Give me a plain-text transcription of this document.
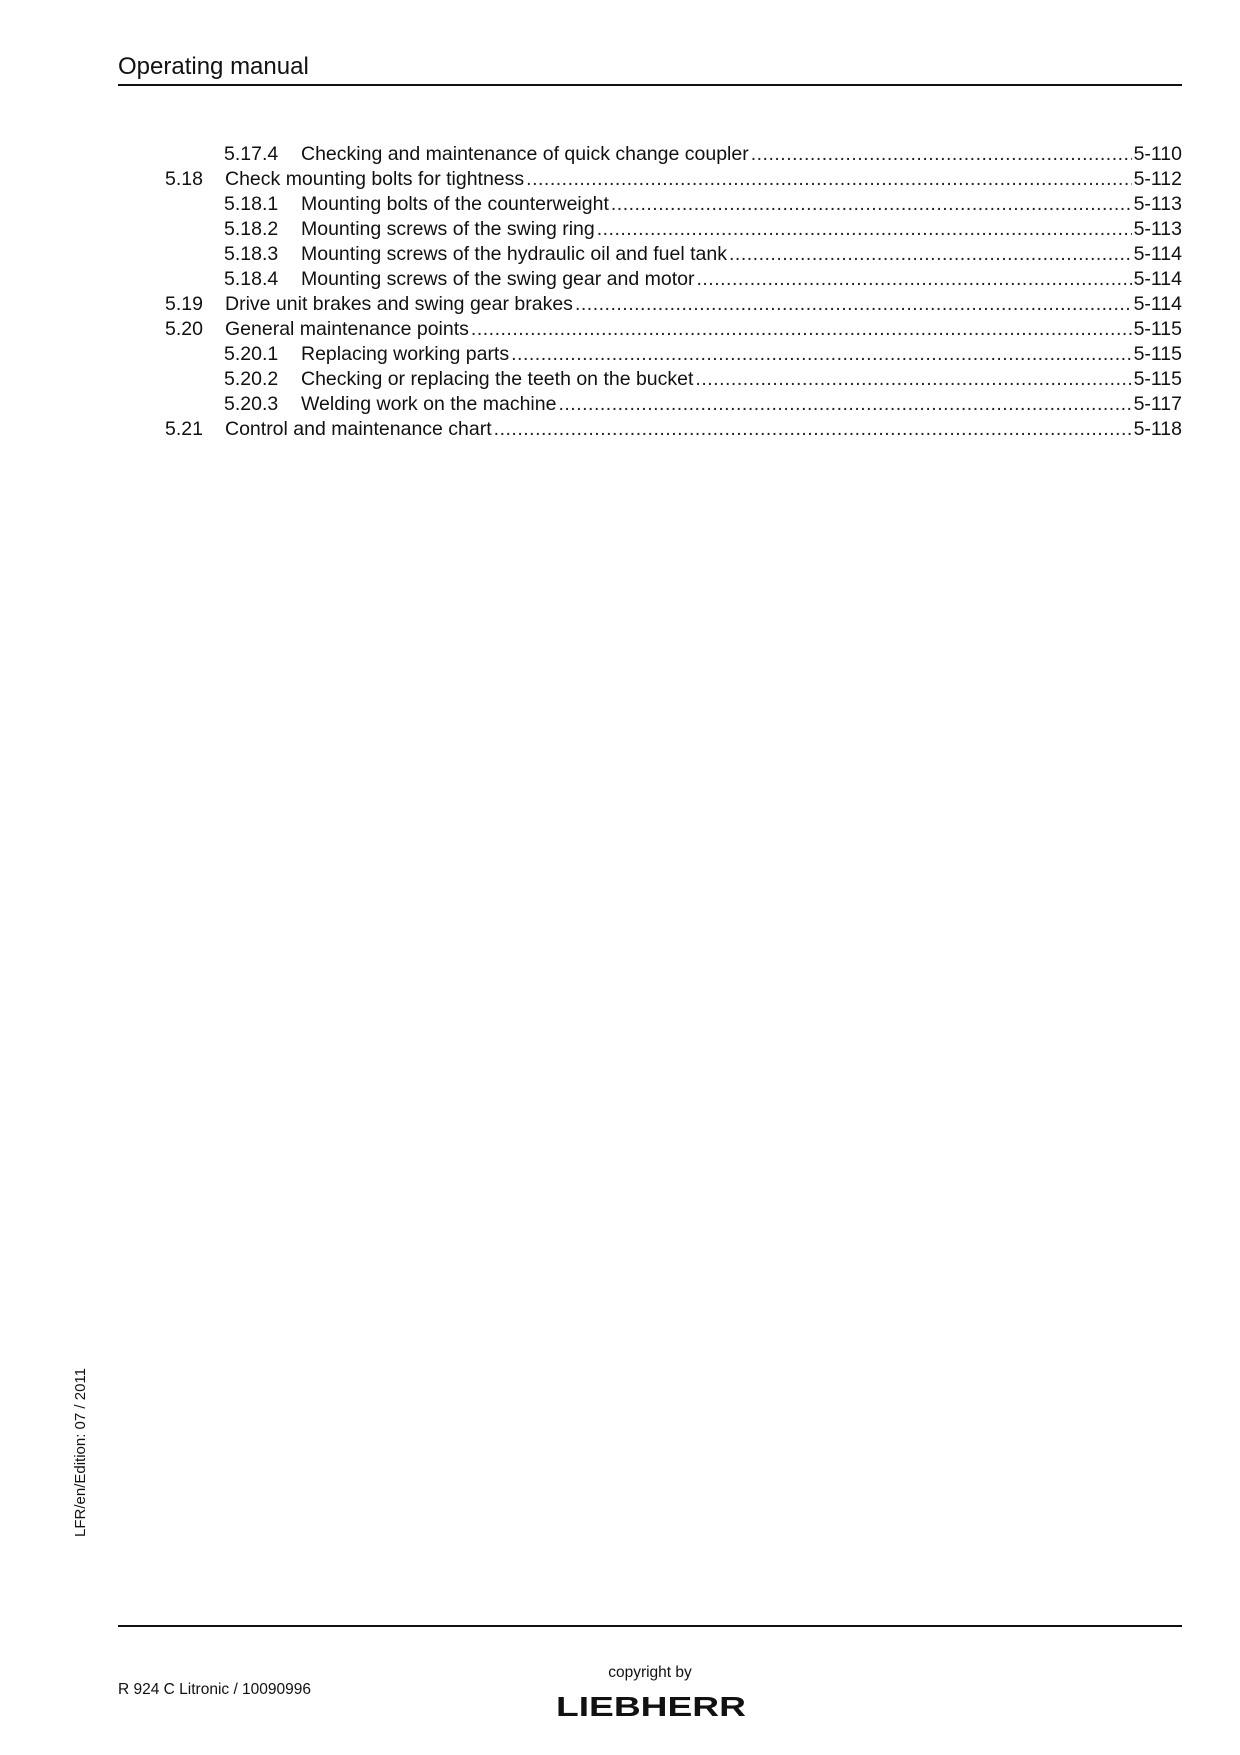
Operating manual
5.17.4 Checking and maintenance of quick change coupler .....	5-110
5.18 Check mounting bolts for tightness .....	5-112
5.18.1 Mounting bolts of the counterweight .....	5-113
5.18.2 Mounting screws of the swing ring .....	5-113
5.18.3 Mounting screws of the hydraulic oil and fuel tank .....	5-114
5.18.4 Mounting screws of the swing gear and motor .....	5-114
5.19 Drive unit brakes and swing gear brakes .....	5-114
5.20 General maintenance points .....	5-115
5.20.1 Replacing working parts .....	5-115
5.20.2 Checking or replacing the teeth on the bucket .....	5-115
5.20.3 Welding work on the machine .....	5-117
5.21 Control and maintenance chart .....	5-118
LFR/en/Edition: 07 / 2011
R 924 C Litronic / 10090996
copyright by
LIEBHERR
